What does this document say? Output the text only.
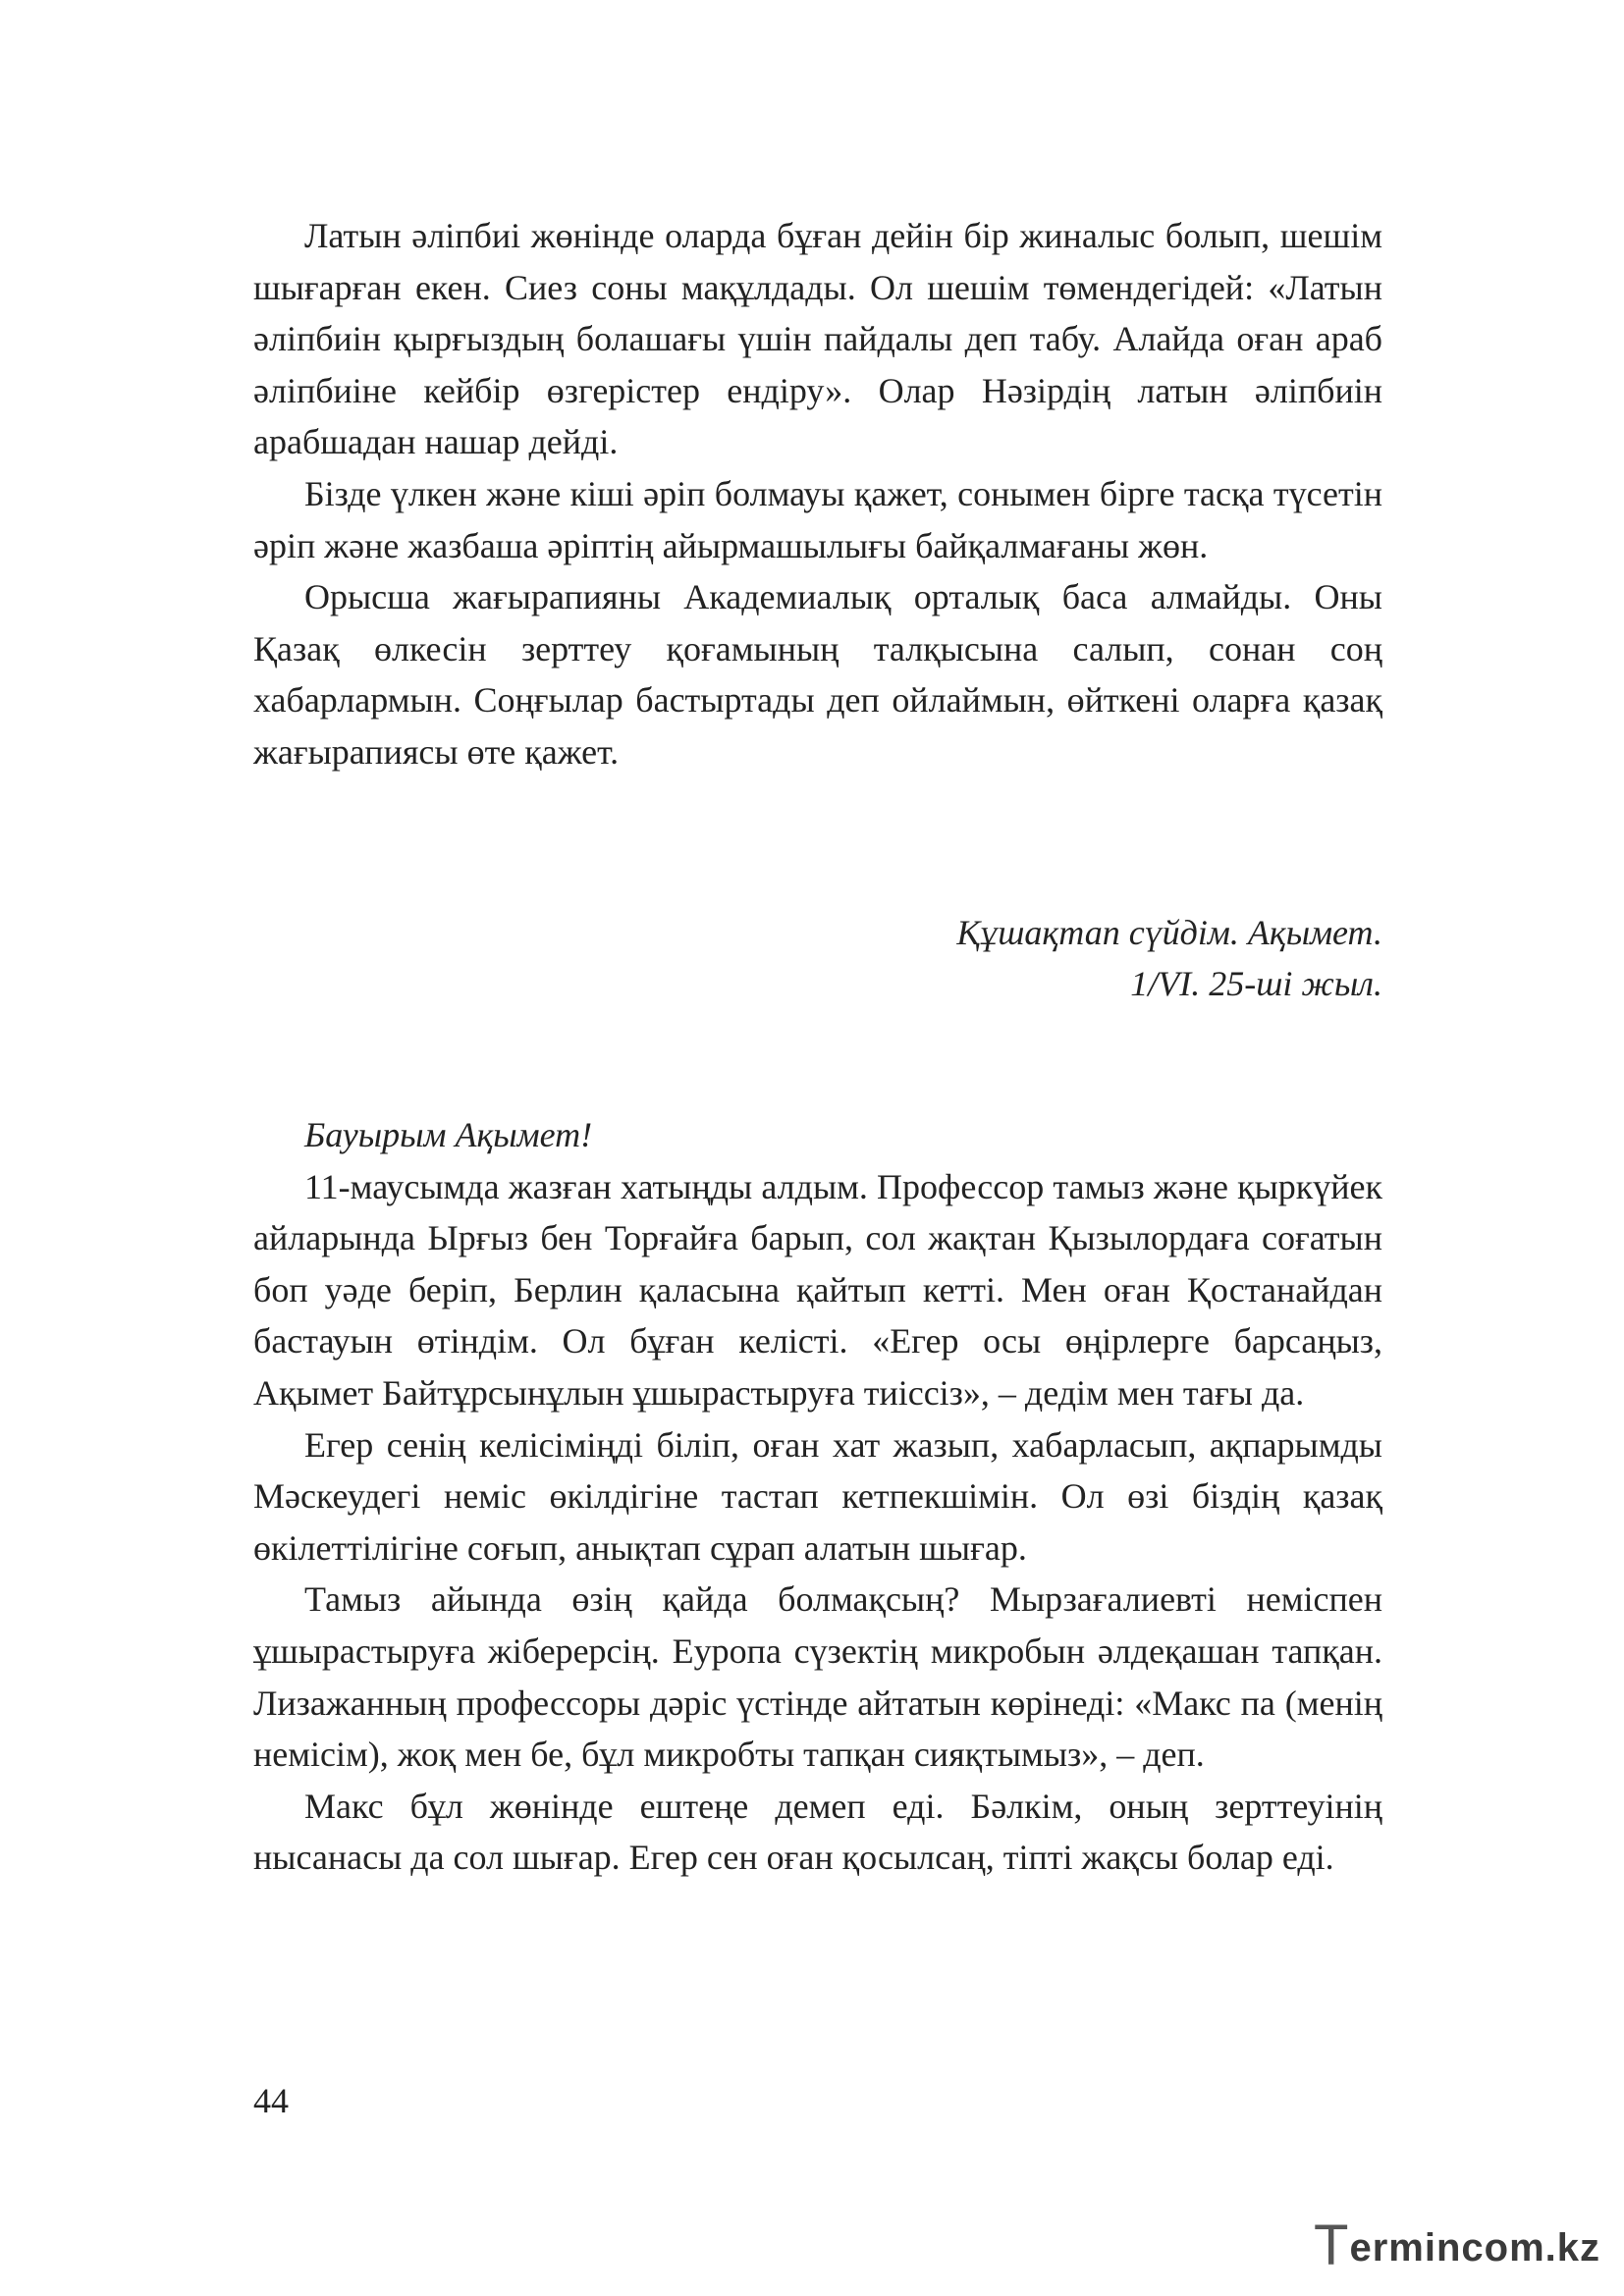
Латын әліпбиі жөнінде оларда бұған дейін бір жиналыс болып, шешім шығарған екен. Сиез соны мақұлдады. Ол шешім төмендегідей: «Латын әліпбиін қырғыздың болашағы үшін пайдалы деп табу. Алайда оған араб әліпбиіне кейбір өзгерістер ендіру». Олар Нәзірдің латын әліпбиін арабшадан нашар дейді.

Бізде үлкен және кіші әріп болмауы қажет, сонымен бірге тасқа түсетін әріп және жазбаша әріптің айырмашылығы байқалмағаны жөн.

Орысша жағырапияны Академиалық орталық баса алмайды. Оны Қазақ өлкесін зерттеу қоғамының талқысына салып, сонан соң хабарлармын. Соңғылар бастыртады деп ойлаймын, өйткені оларға қазақ жағырапиясы өте қажет.

Құшақтап сүйдім. Ақымет.
1/VI. 25-ші жыл.

Бауырым Ақымет!

11-маусымда жазған хатыңды алдым. Профессор тамыз және қыркүйек айларында Ырғыз бен Торғайға барып, сол жақтан Қызылордаға соғатын боп уәде беріп, Берлин қаласына қайтып кетті. Мен оған Қостанайдан бастауын өтіндім. Ол бұған келісті. «Егер осы өңірлерге барсаңыз, Ақымет Байтұрсынұлын ұшырастыруға тиіссіз», – дедім мен тағы да.

Егер сенің келісіміңді біліп, оған хат жазып, хабарласып, ақпарымды Мәскеудегі неміс өкілдігіне тастап кетпекшімін. Ол өзі біздің қазақ өкілеттілігіне соғып, анықтап сұрап алатын шығар.

Тамыз айында өзің қайда болмақсың? Мырзағалиевті немiспен ұшырастыруға жіберерсің. Еуропа сүзектің микробын әлдеқашан тапқан. Лизажанның профессоры дәріс үстінде айтатын көрінеді: «Макс па (менің немісім), жоқ мен бе, бұл микробты тапқан сияқтымыз», – деп.

Макс бұл жөнінде ештеңе демеп еді. Бәлкім, оның зерттеуінің нысанасы да сол шығар. Егер сен оған қосылсаң, тіпті жақсы болар еді.

44
Termincom.kz
